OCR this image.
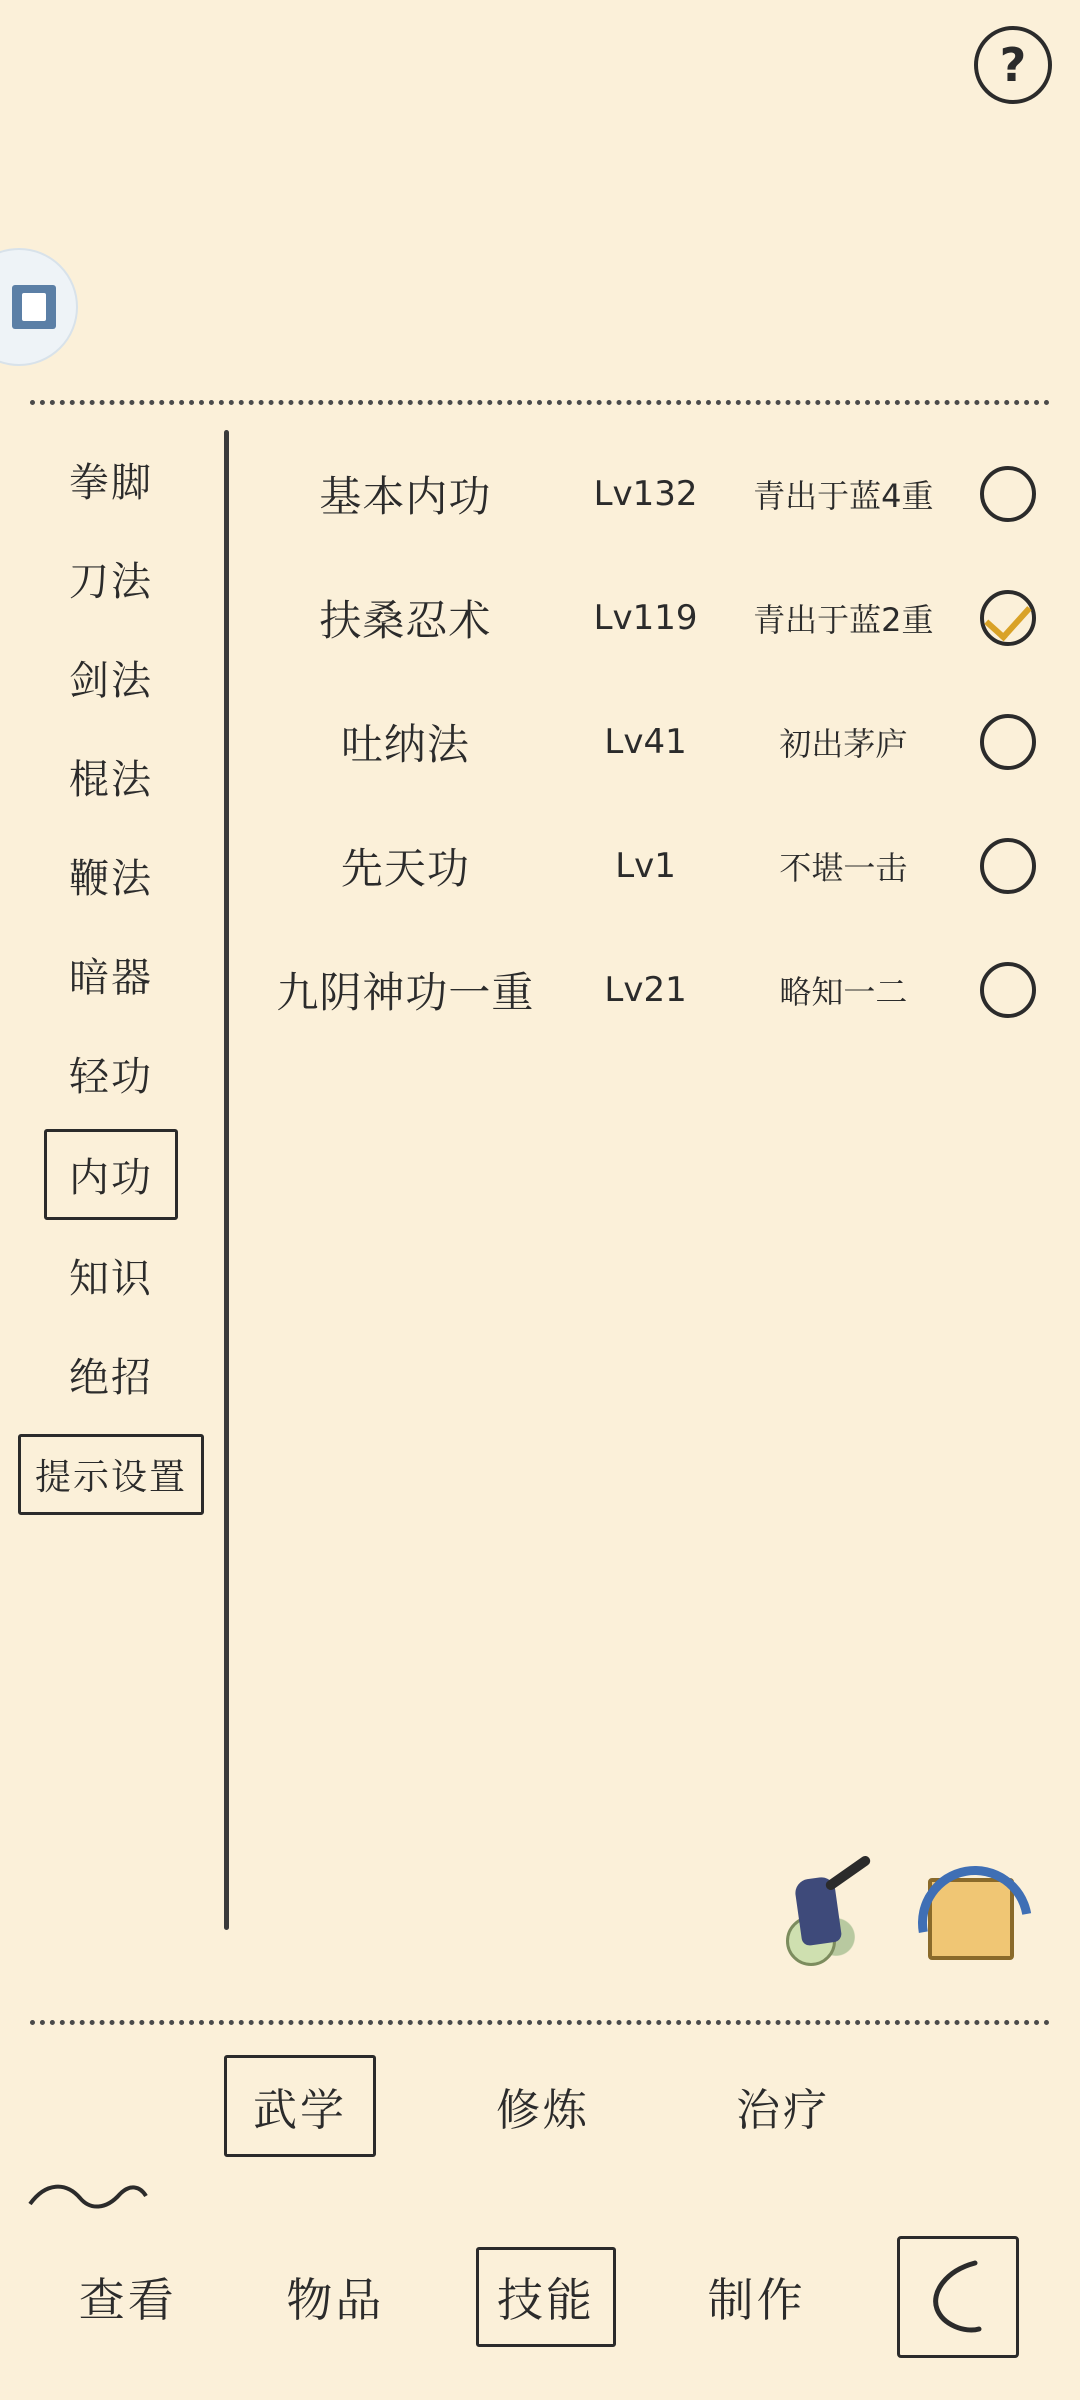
?
拳脚
刀法
剑法
棍法
鞭法
暗器
轻功
内功
知识
绝招
提示设置
基本内功	Lv132	青出于蓝4重
扶桑忍术	Lv119	青出于蓝2重
吐纳法	Lv41	初出茅庐
先天功	Lv1	不堪一击
九阴神功一重	Lv21	略知一二
武学	修炼	治疗
查看	物品	技能	制作
